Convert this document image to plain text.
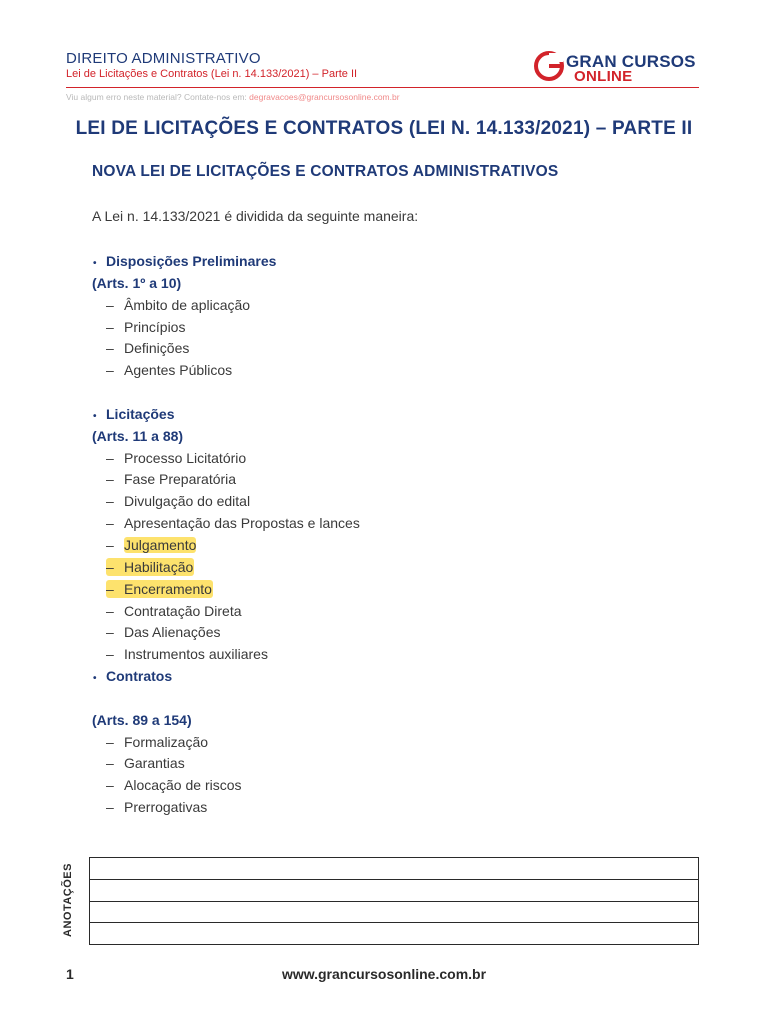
DIREITO ADMINISTRATIVO
Lei de Licitações e Contratos (Lei n. 14.133/2021) – Parte II
GRAN CURSOS
ONLINE
Viu algum erro neste material? Contate-nos em: degravacoes@grancursosonline.com.br
LEI DE LICITAÇÕES E CONTRATOS (LEI N. 14.133/2021) – PARTE II
NOVA LEI DE LICITAÇÕES E CONTRATOS ADMINISTRATIVOS
A Lei n. 14.133/2021 é dividida da seguinte maneira:
• Disposições Preliminares
(Arts. 1º a 10)
– Âmbito de aplicação
– Princípios
– Definições
– Agentes Públicos
• Licitações
(Arts. 11 a 88)
– Processo Licitatório
– Fase Preparatória
– Divulgação do edital
– Apresentação das Propostas e lances
– Julgamento
– Habilitação
– Encerramento
– Contratação Direta
– Das Alienações
– Instrumentos auxiliares
• Contratos
(Arts. 89 a 154)
– Formalização
– Garantias
– Alocação de riscos
– Prerrogativas
ANOTAÇÕES
1	www.grancursosonline.com.br
